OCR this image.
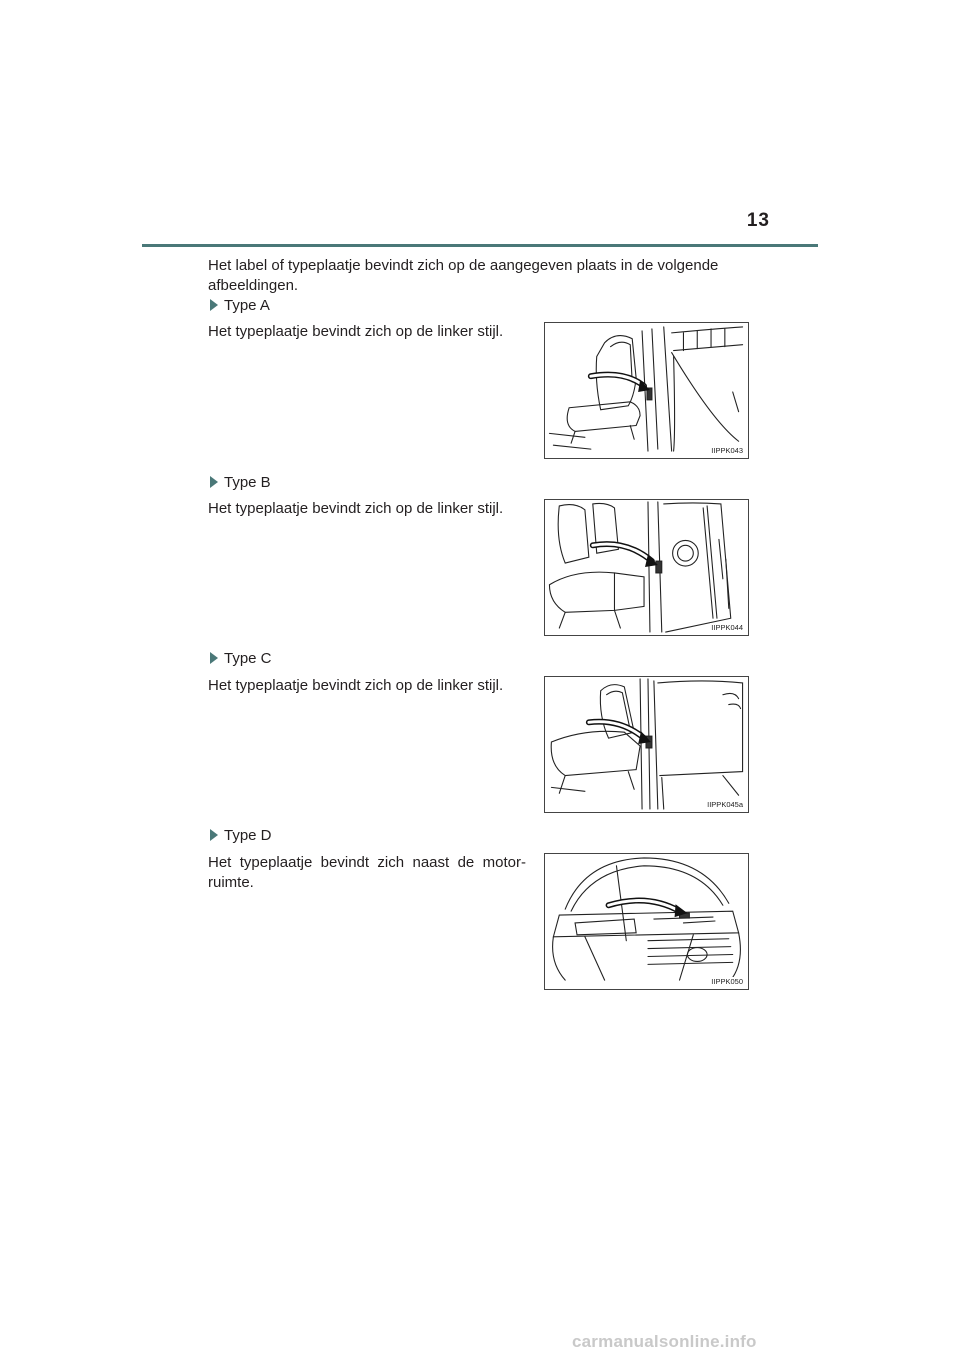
13
Het label of typeplaatje bevindt zich op de aangegeven plaats in de volgende afbeeldingen.
Type A
Het typeplaatje bevindt zich op de linker stijl.
IIPPK043
Type B
Het typeplaatje bevindt zich op de linker stijl.
IIPPK044
Type C
Het typeplaatje bevindt zich op de linker stijl.
IIPPK045a
Type D
Het typeplaatje bevindt zich naast de motor-ruimte.
IIPPK050
carmanualsonline.info
